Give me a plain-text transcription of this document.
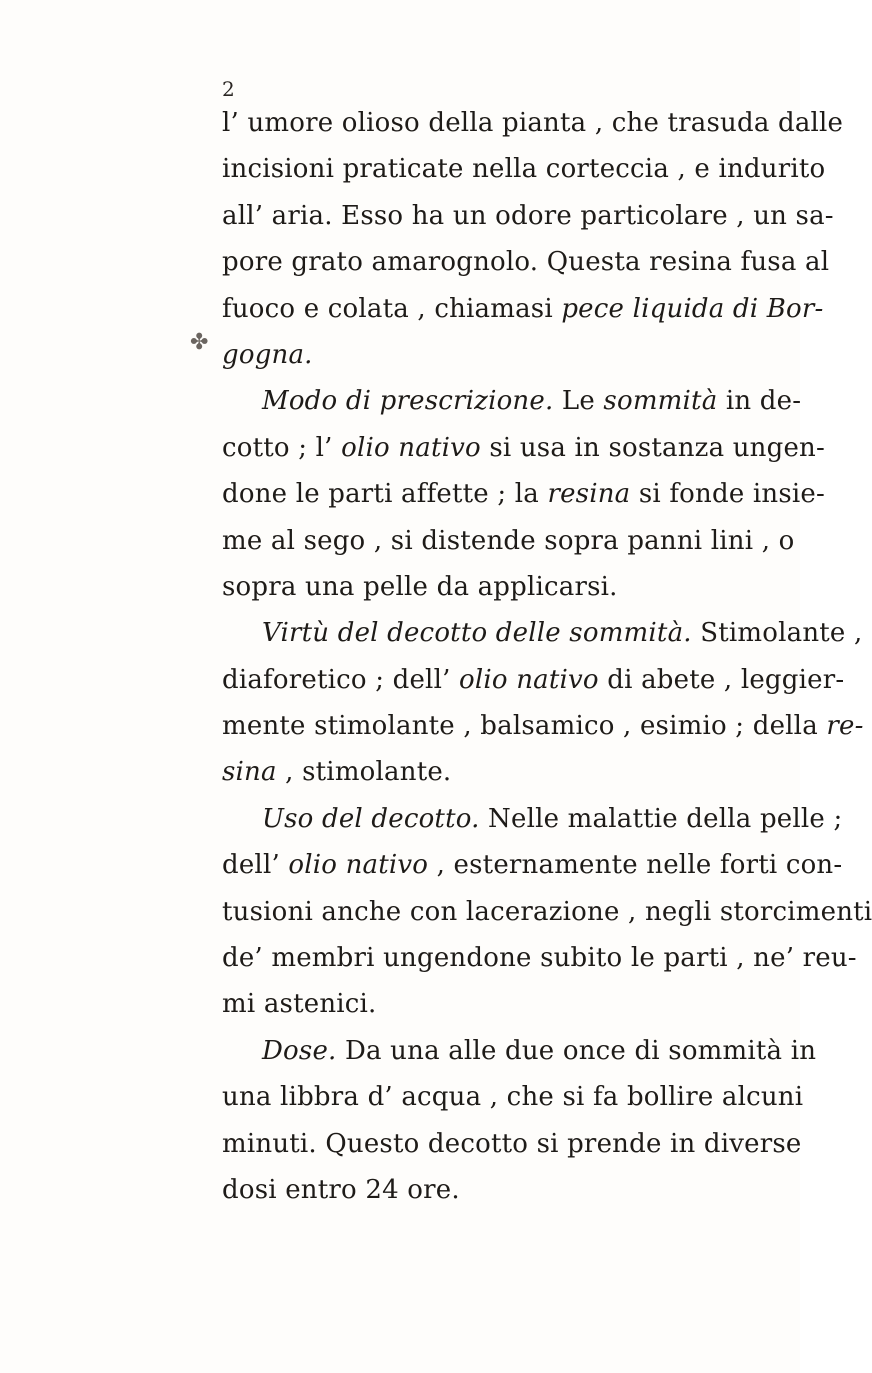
2
✤
l’ umore olioso della pianta , che trasuda dalle
incisioni praticate nella corteccia , e indurito
all’ aria. Esso ha un odore particolare , un sa-
pore grato amarognolo. Questa resina fusa al
fuoco e colata , chiamasi pece liquida di Bor-
gogna.
Modo di prescrizione. Le sommità in de-
cotto ; l’ olio nativo si usa in sostanza ungen-
done le parti affette ; la resina si fonde insie-
me al sego , si distende sopra panni lini , o
sopra una pelle da applicarsi.
Virtù del decotto delle sommità. Stimolante ,
diaforetico ; dell’ olio nativo di abete , leggier-
mente stimolante , balsamico , esimio ; della re-
sina , stimolante.
Uso del decotto. Nelle malattie della pelle ;
dell’ olio nativo , esternamente nelle forti con-
tusioni anche con lacerazione , negli storcimenti
de’ membri ungendone subito le parti , ne’ reu-
mi astenici.
Dose. Da una alle due once di sommità in
una libbra d’ acqua , che si fa bollire alcuni
minuti. Questo decotto si prende in diverse
dosi entro 24 ore.
